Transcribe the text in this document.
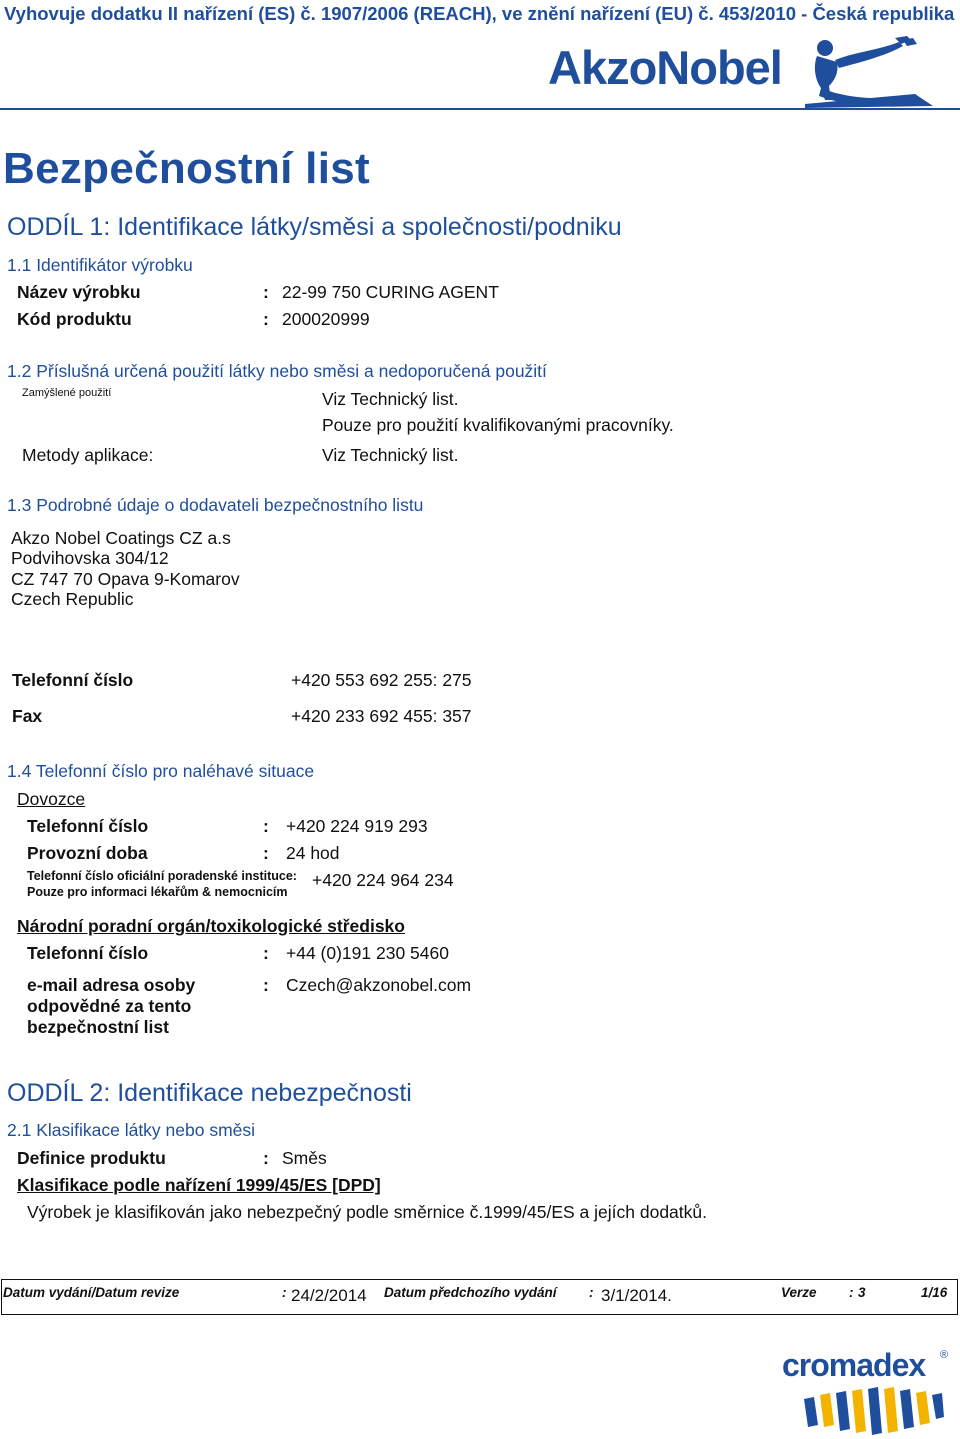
Vyhovuje dodatku II nařízení (ES) č. 1907/2006 (REACH), ve znění nařízení (EU) č. 453/2010 - Česká republika
AkzoNobel
Bezpečnostní list
ODDÍL 1: Identifikace látky/směsi a společnosti/podniku
1.1 Identifikátor výrobku
Název výrobku	: 22-99 750 CURING AGENT
Kód produktu	: 200020999
1.2 Příslušná určená použití látky nebo směsi a nedoporučená použití
Zamýšlené použití	Viz Technický list.
Pouze pro použití kvalifikovanými pracovníky.
Metody aplikace:	Viz Technický list.
1.3 Podrobné údaje o dodavateli bezpečnostního listu
Akzo Nobel Coatings CZ a.s
Podvihovska 304/12
CZ 747 70 Opava 9-Komarov
Czech Republic
Telefonní číslo	+420 553 692 255: 275
Fax	+420 233 692 455: 357
1.4 Telefonní číslo pro naléhavé situace
Dovozce
Telefonní číslo	: +420 224 919 293
Provozní doba	: 24 hod
Telefonní číslo oficiální poradenské instituce: +420 224 964 234
Pouze pro informaci lékařům & nemocnicím
Národní poradní orgán/toxikologické středisko
Telefonní číslo	: +44 (0)191 230 5460
e-mail adresa osoby
odpovědné za tento
bezpečnostní list
: Czech@akzonobel.com
ODDÍL 2: Identifikace nebezpečnosti
2.1 Klasifikace látky nebo směsi
Definice produktu	: Směs
Klasifikace podle nařízení 1999/45/ES [DPD]
Výrobek je klasifikován jako nebezpečný podle směrnice č.1999/45/ES a jejích dodatků.
Datum vydání/Datum revize	: 24/2/2014 Datum předchozího vydání : 3/1/2014.	Verze : 3	1/16
cromadex ®
